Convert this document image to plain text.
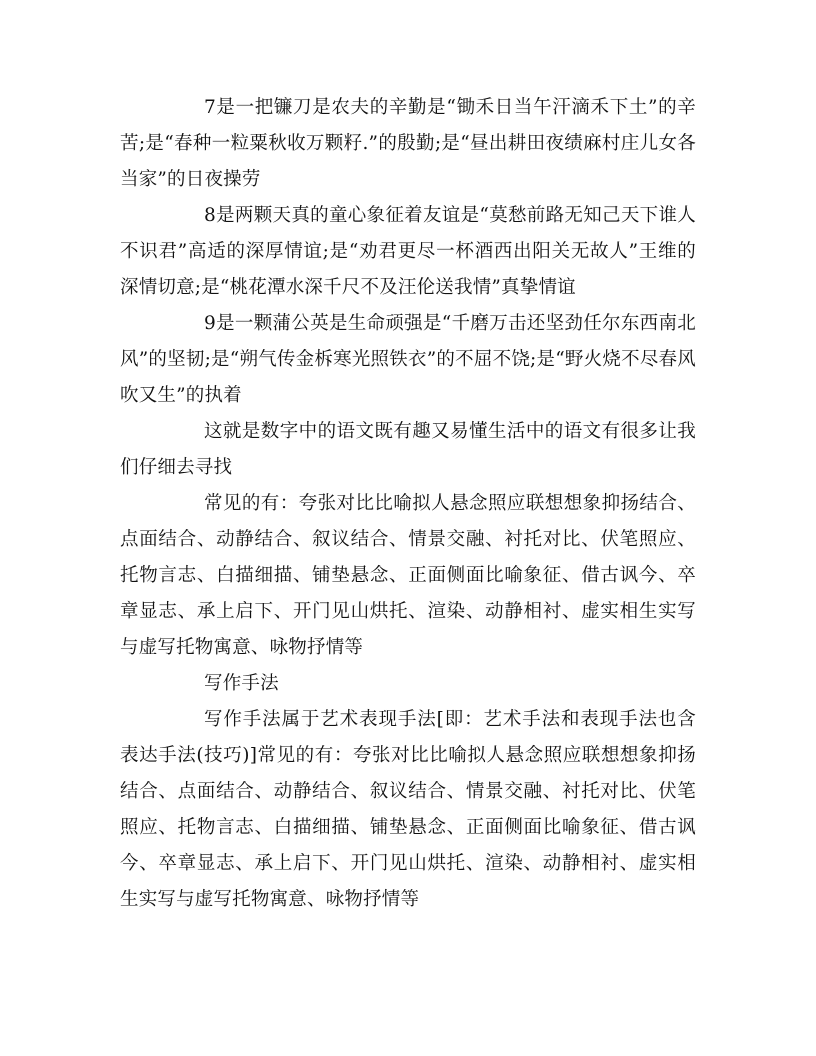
7是一把镰刀是农夫的辛勤是“锄禾日当午汗滴禾下土”的辛苦;是“春种一粒粟秋收万颗籽.”的殷勤;是“昼出耕田夜绩麻村庄儿女各当家”的日夜操劳

8是两颗天真的童心象征着友谊是“莫愁前路无知己天下谁人不识君”高适的深厚情谊;是“劝君更尽一杯酒西出阳关无故人”王维的深情切意;是“桃花潭水深千尺不及汪伦送我情”真挚情谊

9是一颗蒲公英是生命顽强是“千磨万击还坚劲任尔东西南北风”的坚韧;是“朔气传金柝寒光照铁衣”的不屈不饶;是“野火烧不尽春风吹又生”的执着

这就是数字中的语文既有趣又易懂生活中的语文有很多让我们仔细去寻找

常见的有：夸张对比比喻拟人悬念照应联想想象抑扬结合、点面结合、动静结合、叙议结合、情景交融、衬托对比、伏笔照应、托物言志、白描细描、铺垫悬念、正面侧面比喻象征、借古讽今、卒章显志、承上启下、开门见山烘托、渲染、动静相衬、虚实相生实写与虚写托物寓意、咏物抒情等

写作手法

写作手法属于艺术表现手法[即：艺术手法和表现手法也含表达手法(技巧)]常见的有：夸张对比比喻拟人悬念照应联想想象抑扬结合、点面结合、动静结合、叙议结合、情景交融、衬托对比、伏笔照应、托物言志、白描细描、铺垫悬念、正面侧面比喻象征、借古讽今、卒章显志、承上启下、开门见山烘托、渲染、动静相衬、虚实相生实写与虚写托物寓意、咏物抒情等
